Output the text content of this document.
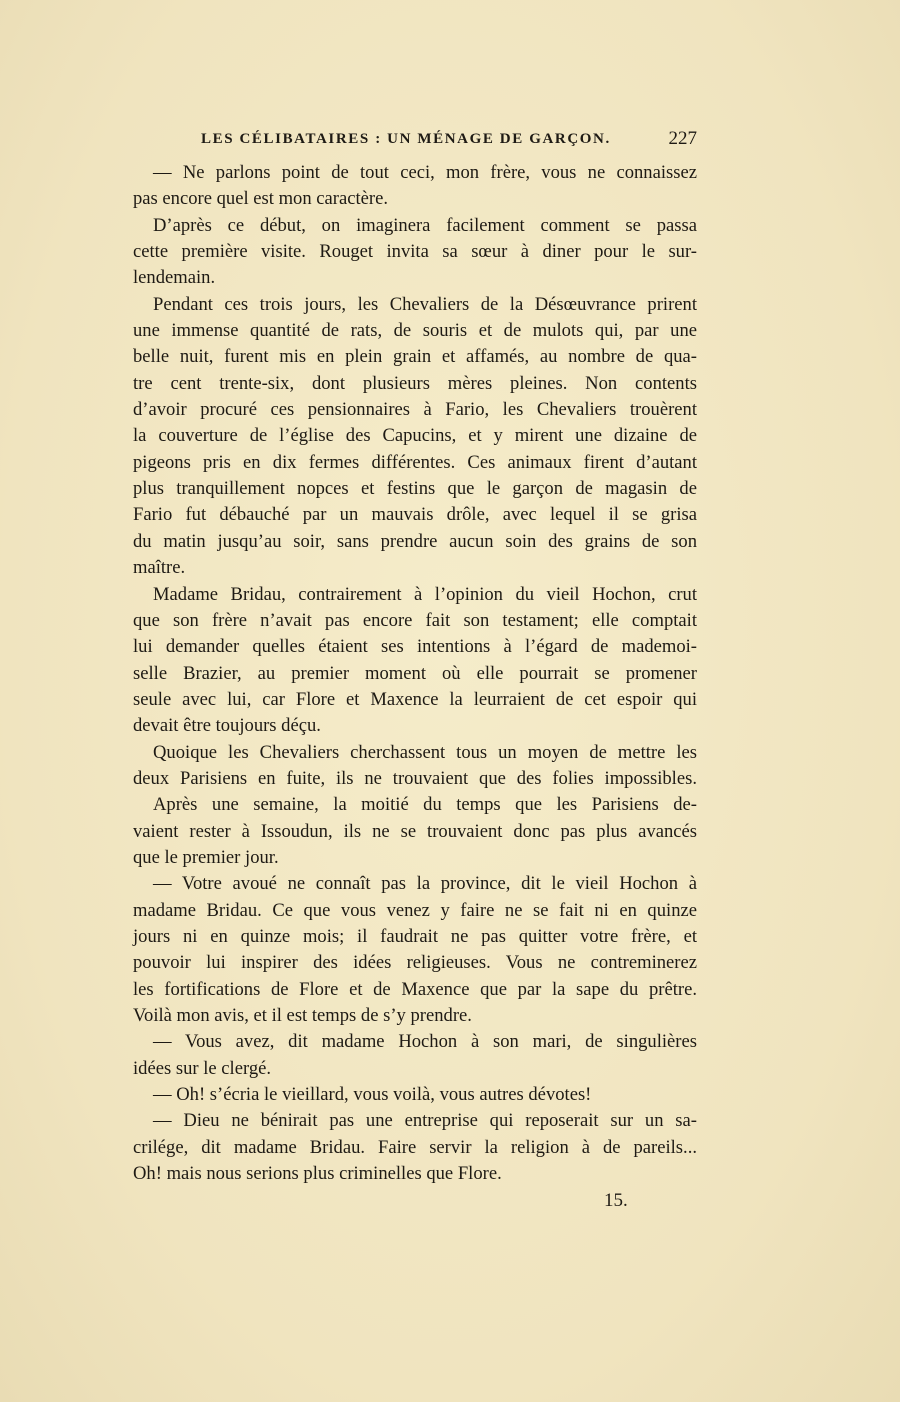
LES CÉLIBATAIRES : UN MÉNAGE DE GARÇON.	227
— Ne parlons point de tout ceci, mon frère, vous ne connaissez
pas encore quel est mon caractère.
D’après ce début, on imaginera facilement comment se passa
cette première visite. Rouget invita sa sœur à diner pour le sur-
lendemain.
Pendant ces trois jours, les Chevaliers de la Désœuvrance prirent
une immense quantité de rats, de souris et de mulots qui, par une
belle nuit, furent mis en plein grain et affamés, au nombre de qua-
tre cent trente-six, dont plusieurs mères pleines. Non contents
d’avoir procuré ces pensionnaires à Fario, les Chevaliers trouèrent
la couverture de l’église des Capucins, et y mirent une dizaine de
pigeons pris en dix fermes différentes. Ces animaux firent d’autant
plus tranquillement nopces et festins que le garçon de magasin de
Fario fut débauché par un mauvais drôle, avec lequel il se grisa
du matin jusqu’au soir, sans prendre aucun soin des grains de son
maître.
Madame Bridau, contrairement à l’opinion du vieil Hochon, crut
que son frère n’avait pas encore fait son testament; elle comptait
lui demander quelles étaient ses intentions à l’égard de mademoi-
selle Brazier, au premier moment où elle pourrait se promener
seule avec lui, car Flore et Maxence la leurraient de cet espoir qui
devait être toujours déçu.
Quoique les Chevaliers cherchassent tous un moyen de mettre les
deux Parisiens en fuite, ils ne trouvaient que des folies impossibles.
Après une semaine, la moitié du temps que les Parisiens de-
vaient rester à Issoudun, ils ne se trouvaient donc pas plus avancés
que le premier jour.
— Votre avoué ne connaît pas la province, dit le vieil Hochon à
madame Bridau. Ce que vous venez y faire ne se fait ni en quinze
jours ni en quinze mois; il faudrait ne pas quitter votre frère, et
pouvoir lui inspirer des idées religieuses. Vous ne contreminerez
les fortifications de Flore et de Maxence que par la sape du prêtre.
Voilà mon avis, et il est temps de s’y prendre.
— Vous avez, dit madame Hochon à son mari, de singulières
idées sur le clergé.
— Oh! s’écria le vieillard, vous voilà, vous autres dévotes!
— Dieu ne bénirait pas une entreprise qui reposerait sur un sa-
crilége, dit madame Bridau. Faire servir la religion à de pareils...
Oh! mais nous serions plus criminelles que Flore.
15.
